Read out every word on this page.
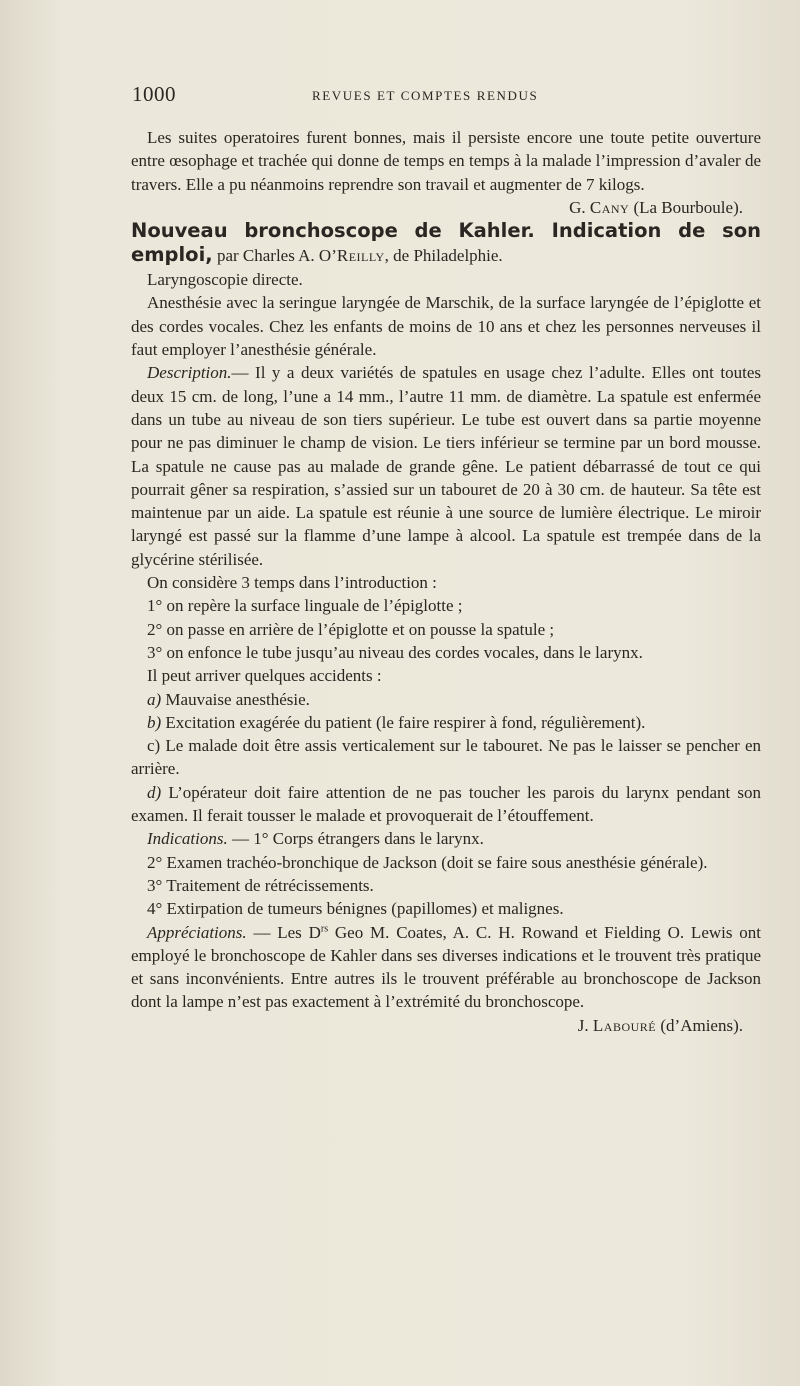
1000	REVUES ET COMPTES RENDUS

Les suites operatoires furent bonnes, mais il persiste encore une toute petite ouverture entre œsophage et trachée qui donne de temps en temps à la malade l’impression d’avaler de travers. Elle a pu néanmoins reprendre son travail et augmenter de 7 kilogs.

G. Cany (La Bourboule).

Nouveau bronchoscope de Kahler. Indication de son emploi, par Charles A. O’Reilly, de Philadelphie.

Laryngoscopie directe.

Anesthésie avec la seringue laryngée de Marschik, de la surface laryngée de l’épiglotte et des cordes vocales. Chez les enfants de moins de 10 ans et chez les personnes nerveuses il faut employer l’anesthésie générale.

Description.— Il y a deux variétés de spatules en usage chez l’adulte. Elles ont toutes deux 15 cm. de long, l’une a 14 mm., l’autre 11 mm. de diamètre. La spatule est enfermée dans un tube au niveau de son tiers supérieur. Le tube est ouvert dans sa partie moyenne pour ne pas diminuer le champ de vision. Le tiers inférieur se termine par un bord mousse. La spatule ne cause pas au malade de grande gêne. Le patient débarrassé de tout ce qui pourrait gêner sa respiration, s’assied sur un tabouret de 20 à 30 cm. de hauteur. Sa tête est maintenue par un aide. La spatule est réunie à une source de lumière électrique. Le miroir laryngé est passé sur la flamme d’une lampe à alcool. La spatule est trempée dans de la glycérine stérilisée.

On considère 3 temps dans l’introduction :

1° on repère la surface linguale de l’épiglotte ;

2° on passe en arrière de l’épiglotte et on pousse la spatule ;

3° on enfonce le tube jusqu’au niveau des cordes vocales, dans le larynx.

Il peut arriver quelques accidents :

a) Mauvaise anesthésie.

b) Excitation exagérée du patient (le faire respirer à fond, régulièrement).

c) Le malade doit être assis verticalement sur le tabouret. Ne pas le laisser se pencher en arrière.

d) L’opérateur doit faire attention de ne pas toucher les parois du larynx pendant son examen. Il ferait tousser le malade et provoquerait de l’étouffement.

Indications. — 1° Corps étrangers dans le larynx.

2° Examen trachéo-bronchique de Jackson (doit se faire sous anesthésie générale).

3° Traitement de rétrécissements.

4° Extirpation de tumeurs bénignes (papillomes) et malignes.

Appréciations. — Les $D^{rs}$ Geo M. Coates, A. C. H. Rowand et Fielding O. Lewis ont employé le bronchoscope de Kahler dans ses diverses indications et le trouvent très pratique et sans inconvénients. Entre autres ils le trouvent préférable au bronchoscope de Jackson dont la lampe n’est pas exactement à l’extrémité du bronchoscope.

J. Labouré (d’Amiens).
